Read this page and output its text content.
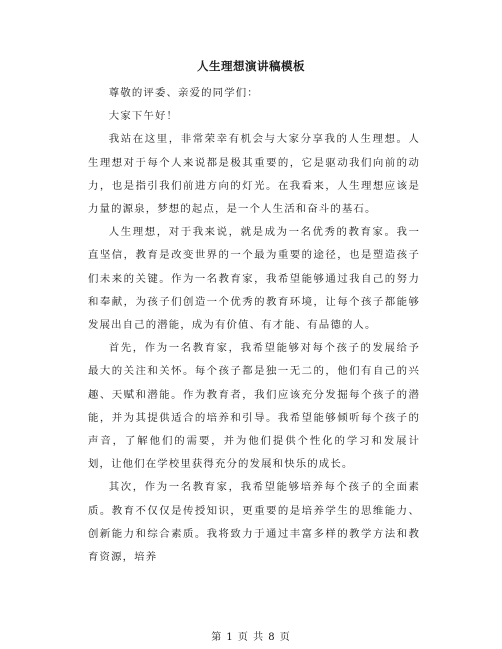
人生理想演讲稿模板

尊敬的评委、亲爱的同学们：

大家下午好！

我站在这里，非常荣幸有机会与大家分享我的人生理想。人生理想对于每个人来说都是极其重要的，它是驱动我们向前的动力，也是指引我们前进方向的灯光。在我看来，人生理想应该是力量的源泉，梦想的起点，是一个人生活和奋斗的基石。

人生理想，对于我来说，就是成为一名优秀的教育家。我一直坚信，教育是改变世界的一个最为重要的途径，也是塑造孩子们未来的关键。作为一名教育家，我希望能够通过我自己的努力和奉献，为孩子们创造一个优秀的教育环境，让每个孩子都能够发展出自己的潜能，成为有价值、有才能、有品德的人。

首先，作为一名教育家，我希望能够对每个孩子的发展给予最大的关注和关怀。每个孩子都是独一无二的，他们有自己的兴趣、天赋和潜能。作为教育者，我们应该充分发掘每个孩子的潜能，并为其提供适合的培养和引导。我希望能够倾听每个孩子的声音，了解他们的需要，并为他们提供个性化的学习和发展计划，让他们在学校里获得充分的发展和快乐的成长。

其次，作为一名教育家，我希望能够培养每个孩子的全面素质。教育不仅仅是传授知识，更重要的是培养学生的思维能力、创新能力和综合素质。我将致力于通过丰富多样的教学方法和教育资源，培养

第 1 页 共 8 页
